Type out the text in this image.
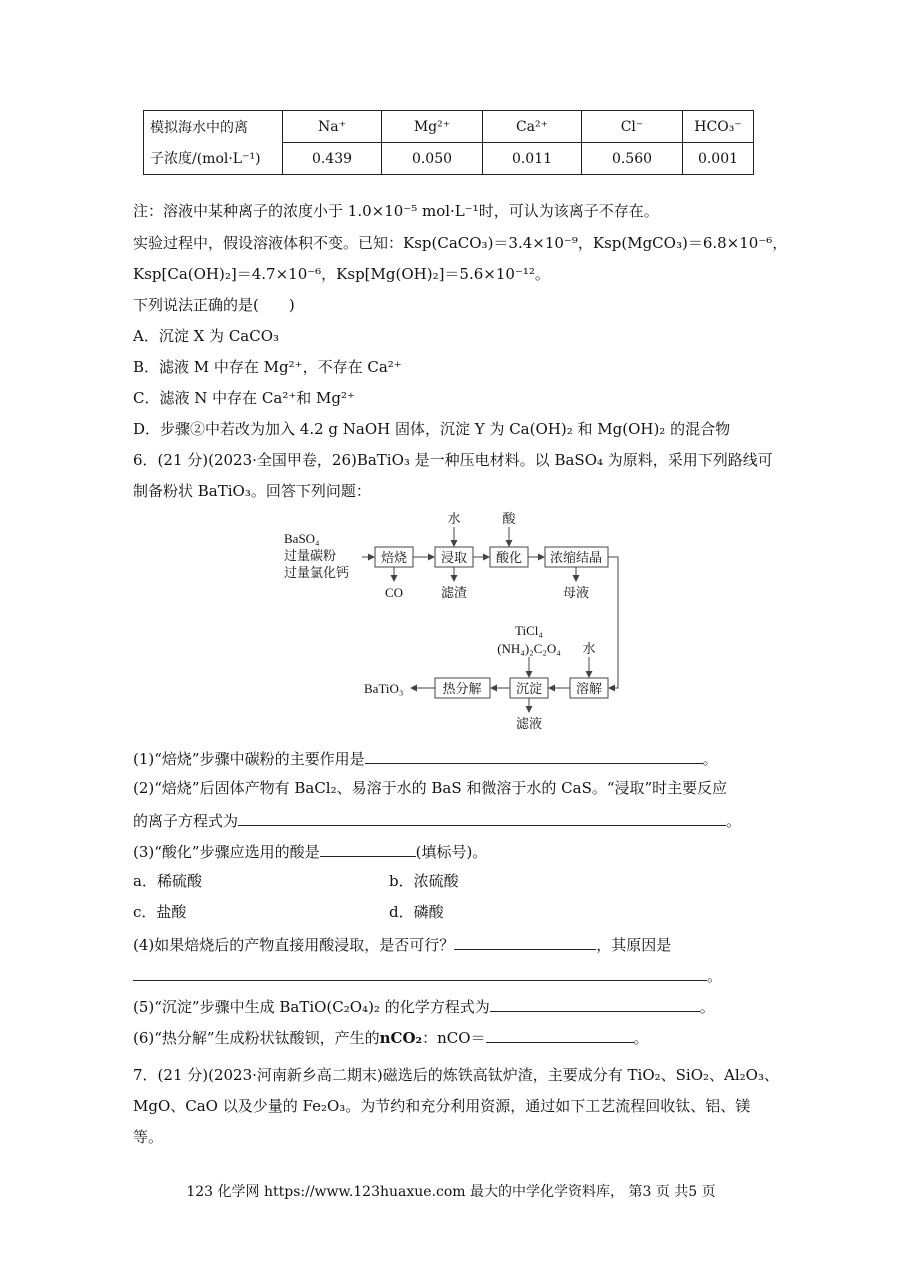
模拟海水中的离	Na⁺	Mg²⁺	Ca²⁺	Cl⁻	HCO₃⁻
子浓度/(mol·L⁻¹)	0.439	0.050	0.011	0.560	0.001
注：溶液中某种离子的浓度小于 1.0×10⁻⁵ mol·L⁻¹时，可认为该离子不存在。
实验过程中，假设溶液体积不变。已知：Ksp(CaCO₃)＝3.4×10⁻⁹，Ksp(MgCO₃)＝6.8×10⁻⁶，
Ksp[Ca(OH)₂]＝4.7×10⁻⁶，Ksp[Mg(OH)₂]＝5.6×10⁻¹²。
下列说法正确的是(　　)
A．沉淀 X 为 CaCO₃
B．滤液 M 中存在 Mg²⁺，不存在 Ca²⁺
C．滤液 N 中存在 Ca²⁺和 Mg²⁺
D．步骤②中若改为加入 4.2 g NaOH 固体，沉淀 Y 为 Ca(OH)₂ 和 Mg(OH)₂ 的混合物
6．(21 分)(2023·全国甲卷，26)BaTiO₃ 是一种压电材料。以 BaSO₄ 为原料，采用下列路线可
制备粉状 BaTiO₃。回答下列问题：
BaSO₄
过量碳粉
过量氯化钙
焙烧	浸取 酸化 浓缩结晶
水	酸
CO	滤渣	母液
TiCl₄
(NH₄)₂C₂O₄ 水
溶解
沉淀
热分解
BaTiO₃
滤液
(1)“焙烧”步骤中碳粉的主要作用是	。
(2)“焙烧”后固体产物有 BaCl₂、易溶于水的 BaS 和微溶于水的 CaS。“浸取”时主要反应
的离子方程式为	。
(3)“酸化”步骤应选用的酸是	(填标号)。
a．稀硫酸	b．浓硫酸
c．盐酸	d．磷酸
(4)如果焙烧后的产物直接用酸浸取，是否可行？	，其原因是
。
(5)“沉淀”步骤中生成 BaTiO(C₂O₄)₂ 的化学方程式为	。
(6)“热分解”生成粉状钛酸钡，产生的nCO₂：nCO＝	。
7．(21 分)(2023·河南新乡高二期末)磁选后的炼铁高钛炉渣，主要成分有 TiO₂、SiO₂、Al₂O₃、
MgO、CaO 以及少量的 Fe₂O₃。为节约和充分利用资源，通过如下工艺流程回收钛、铝、镁
等。
123 化学网 https://www.123huaxue.com 最大的中学化学资料库， 第3 页 共5 页
